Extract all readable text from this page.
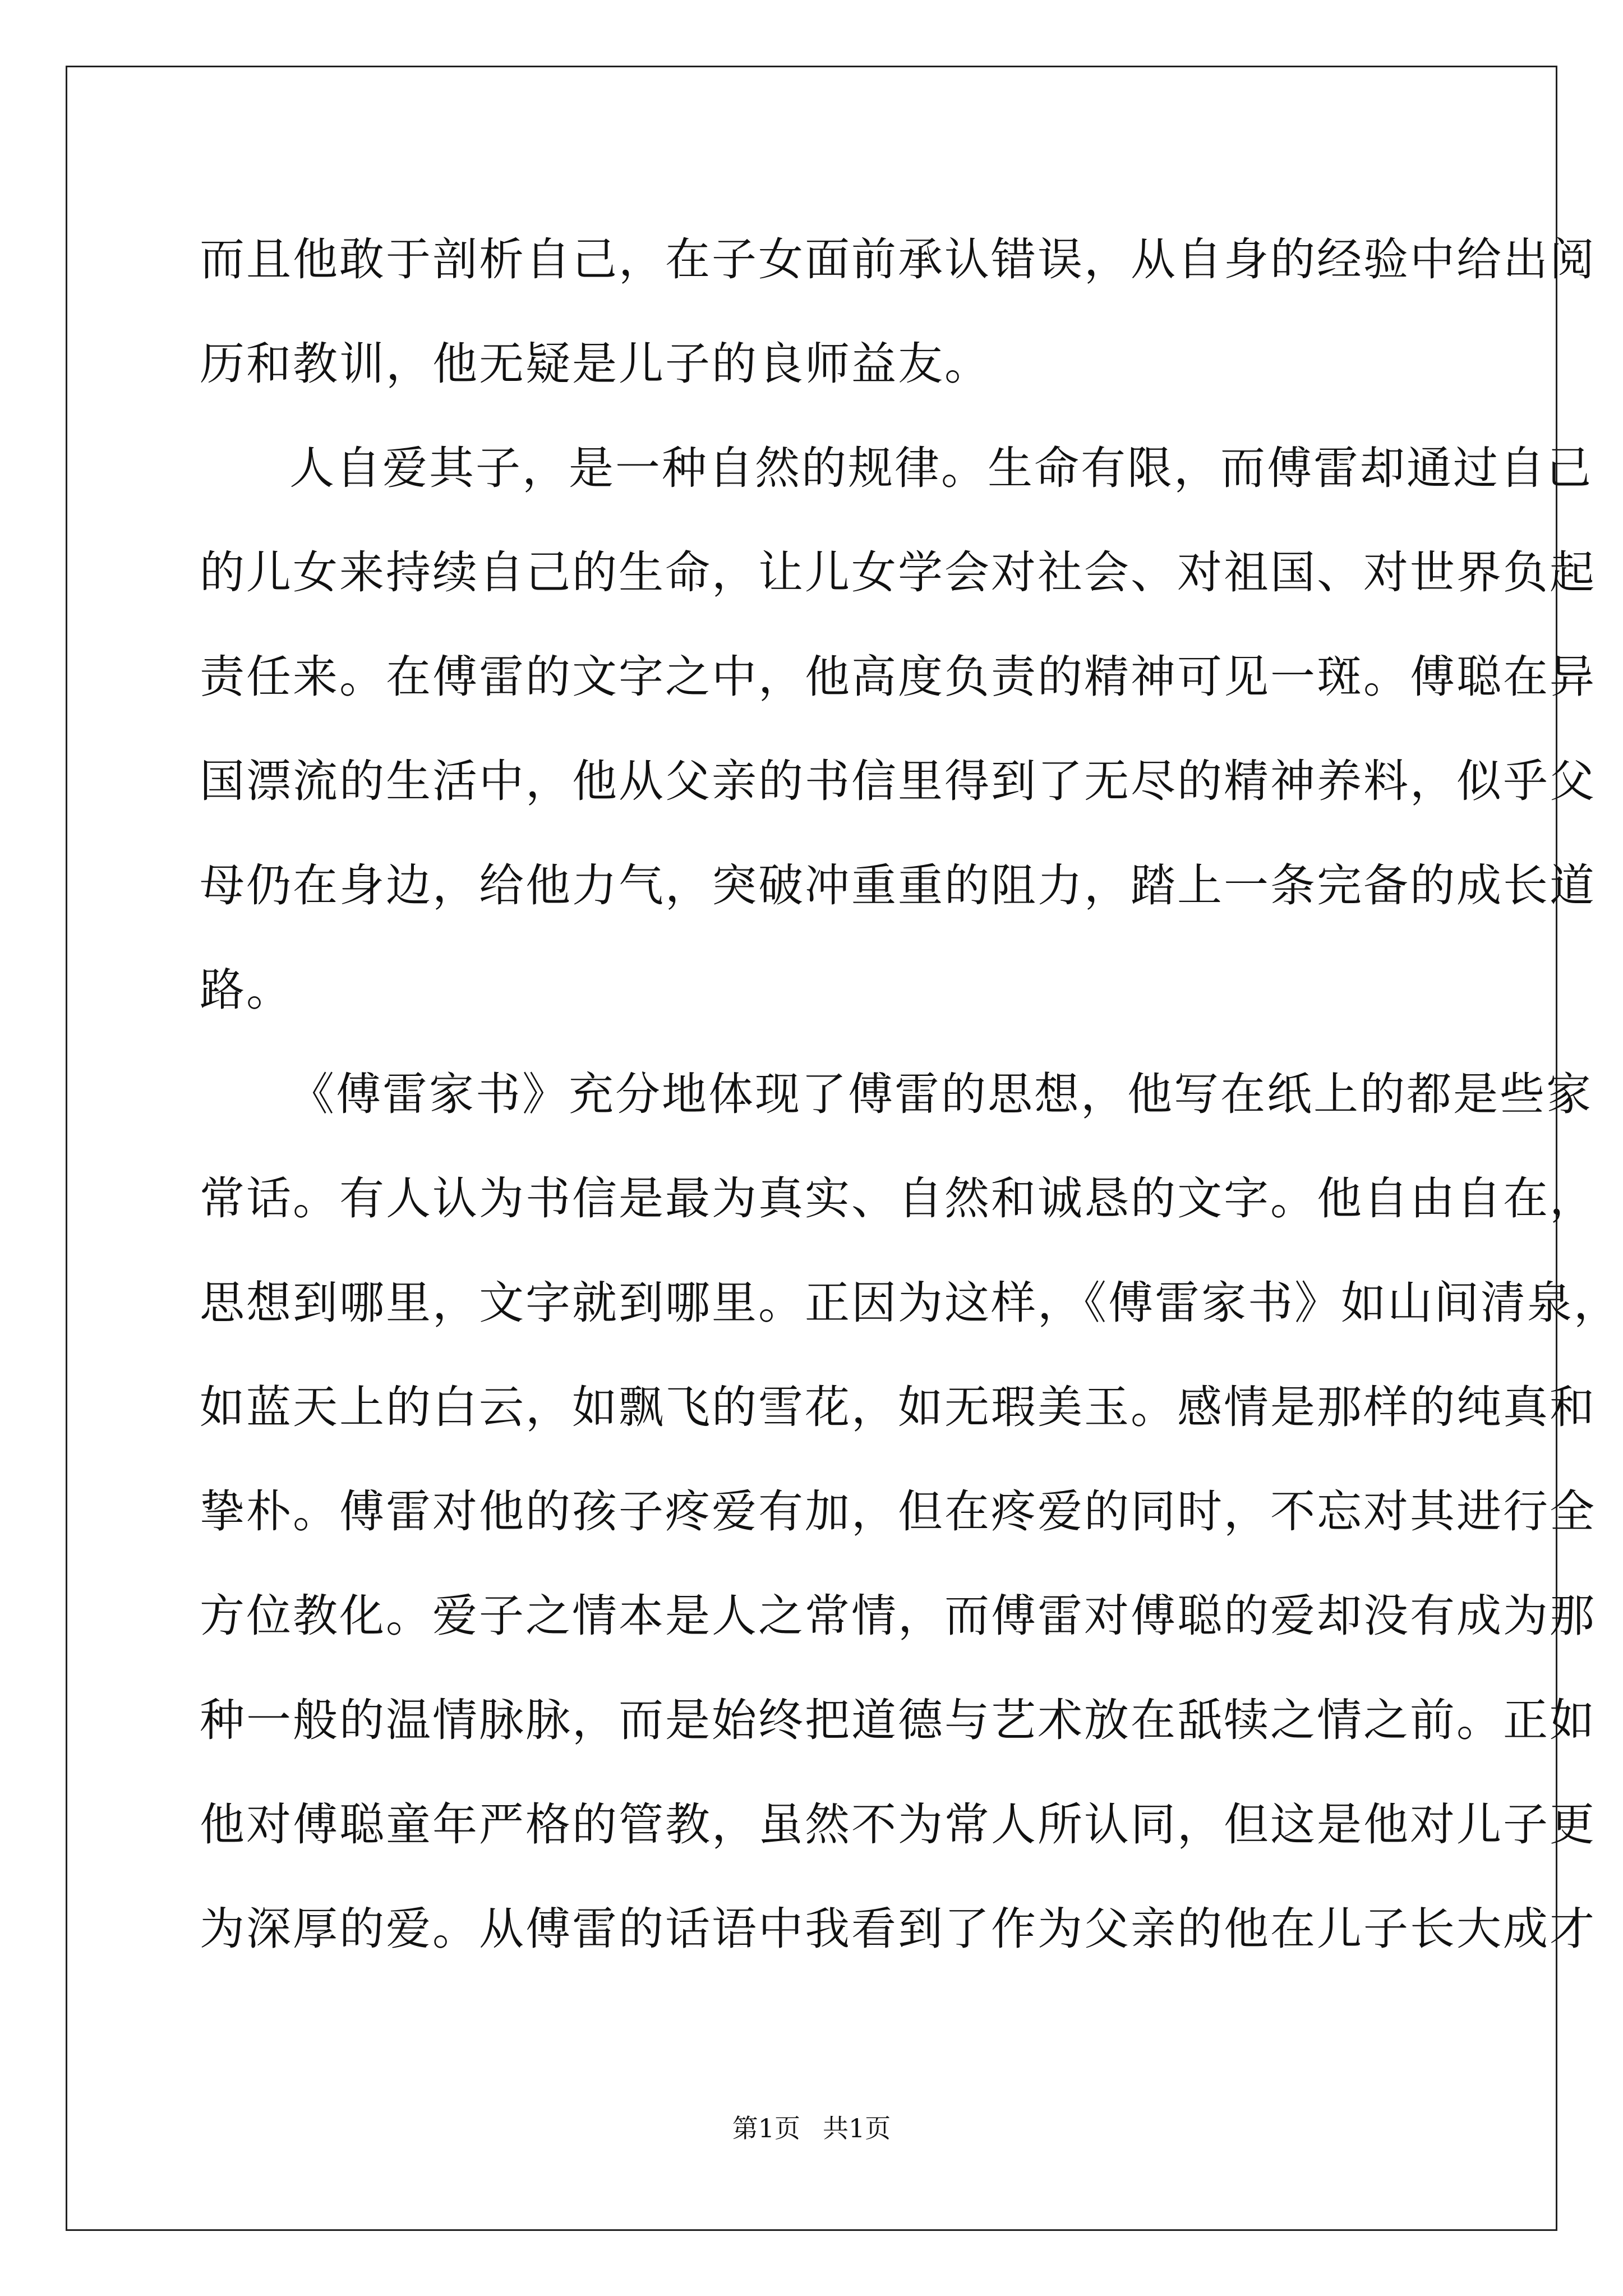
而且他敢于剖析自己，在子女面前承认错误，从自身的经验中给出阅
历和教训，他无疑是儿子的良师益友。
人自爱其子，是一种自然的规律。生命有限，而傅雷却通过自己
的儿女来持续自己的生命，让儿女学会对社会、对祖国、对世界负起
责任来。在傅雷的文字之中，他高度负责的精神可见一斑。傅聪在异
国漂流的生活中，他从父亲的书信里得到了无尽的精神养料，似乎父
母仍在身边，给他力气，突破冲重重的阻力，踏上一条完备的成长道
路。
《傅雷家书》充分地体现了傅雷的思想，他写在纸上的都是些家
常话。有人认为书信是最为真实、自然和诚恳的文字。他自由自在，
思想到哪里，文字就到哪里。正因为这样，《傅雷家书》如山间清泉，
如蓝天上的白云，如飘飞的雪花，如无瑕美玉。感情是那样的纯真和
挚朴。傅雷对他的孩子疼爱有加，但在疼爱的同时，不忘对其进行全
方位教化。爱子之情本是人之常情，而傅雷对傅聪的爱却没有成为那
种一般的温情脉脉，而是始终把道德与艺术放在舐犊之情之前。正如
他对傅聪童年严格的管教，虽然不为常人所认同，但这是他对儿子更
为深厚的爱。从傅雷的话语中我看到了作为父亲的他在儿子长大成才
第1页 共1页
